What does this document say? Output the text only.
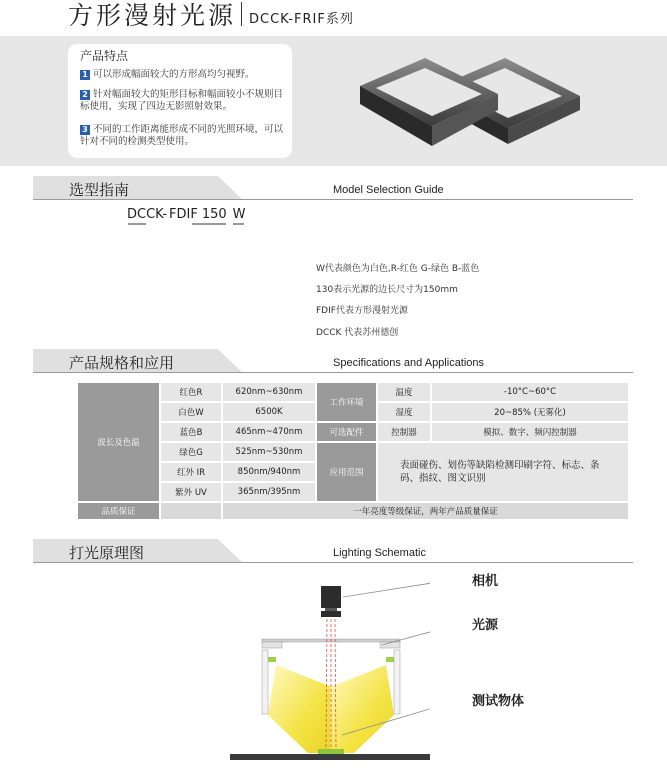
方形漫射光源 DCCK-FRIF系列
产品特点
1 可以形成幅面较大的方形高均匀视野。
2 针对幅面较大的矩形目标和幅面较小不规则目标使用，实现了四边无影照射效果。
3 不同的工作距离能形成不同的光照环境，可以针对不同的检测类型使用。
选型指南	Model Selection Guide
DCCK- FDIF 150 W
W代表颜色为白色,R-红色 G-绿色 B-蓝色
130表示光源的边长尺寸为150mm
FDIF代表方形漫射光源
DCCK 代表苏州德创
产品规格和应用	Specifications and Applications
波长及色温
红色R	620nm~630nm
白色W	6500K
蓝色B	465nm~470nm
绿色G	525nm~530nm
红外 IR	850nm/940nm
紫外 UV	365nm/395nm
工作环境
温度	-10°C~60°C
湿度	20~85% (无雾化)
可选配件	控制器	模拟、数字、频闪控制器
应用范围
表面碰伤、划伤等缺陷检测印刷字符、标志、条码、指纹、图文识别
品质保证	一年亮度等级保证，两年产品质量保证
打光原理图	Lighting Schematic
相机
光源
测试物体
